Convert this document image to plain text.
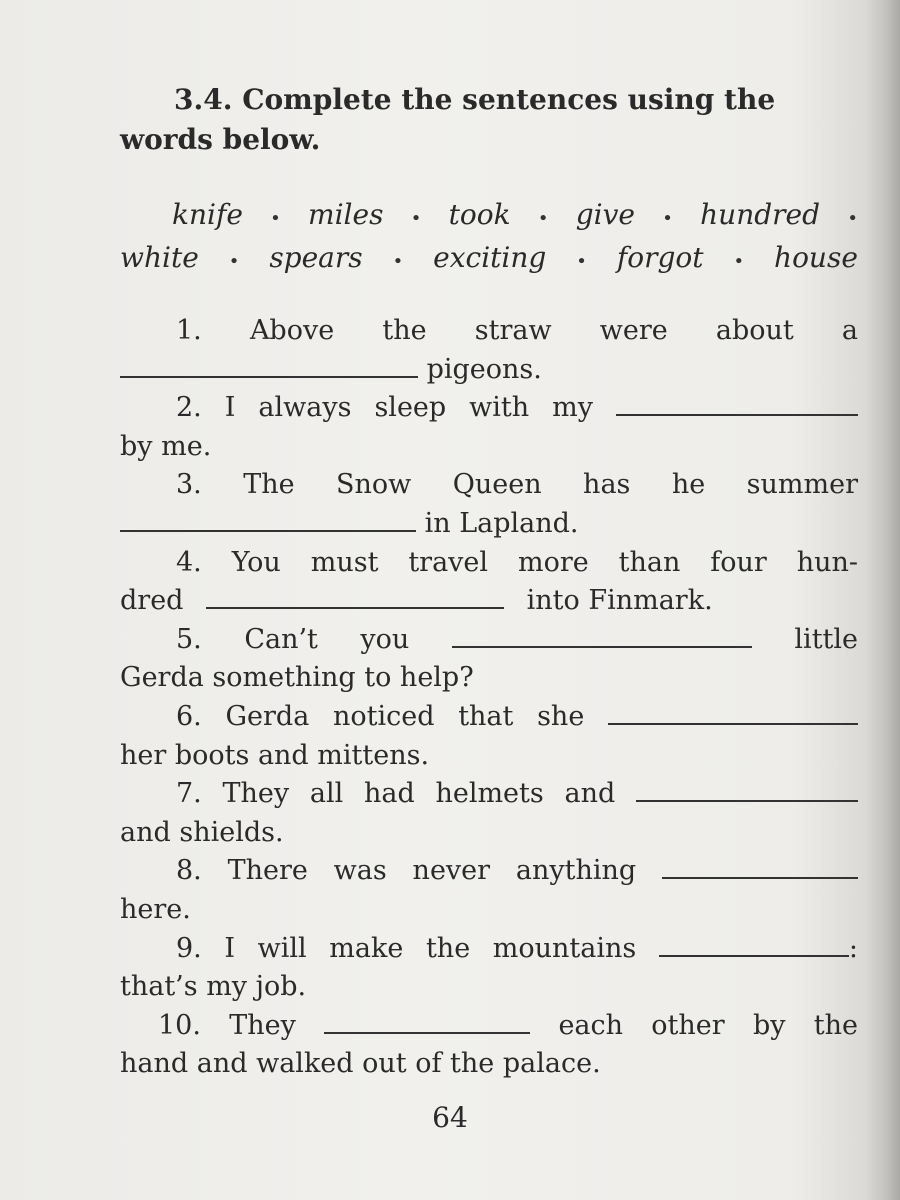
3.4. Complete the sentences using the
words below.

knife • miles • took • give • hundred •
white • spears • exciting • forgot • house

1. Above the straw were about a

pigeons.

2. I always sleep with my

by me.

3. The Snow Queen has he summer

in Lapland.

4. You must travel more than four hun-

dred	into Finmark.

5. Can’t you	little

Gerda something to help?

6. Gerda noticed that she

her boots and mittens.

7. They all had helmets and

and shields.

8. There was never anything

here.

9. I will make the mountains	:

that’s my job.

10. They	each other by the

hand and walked out of the palace.

64
